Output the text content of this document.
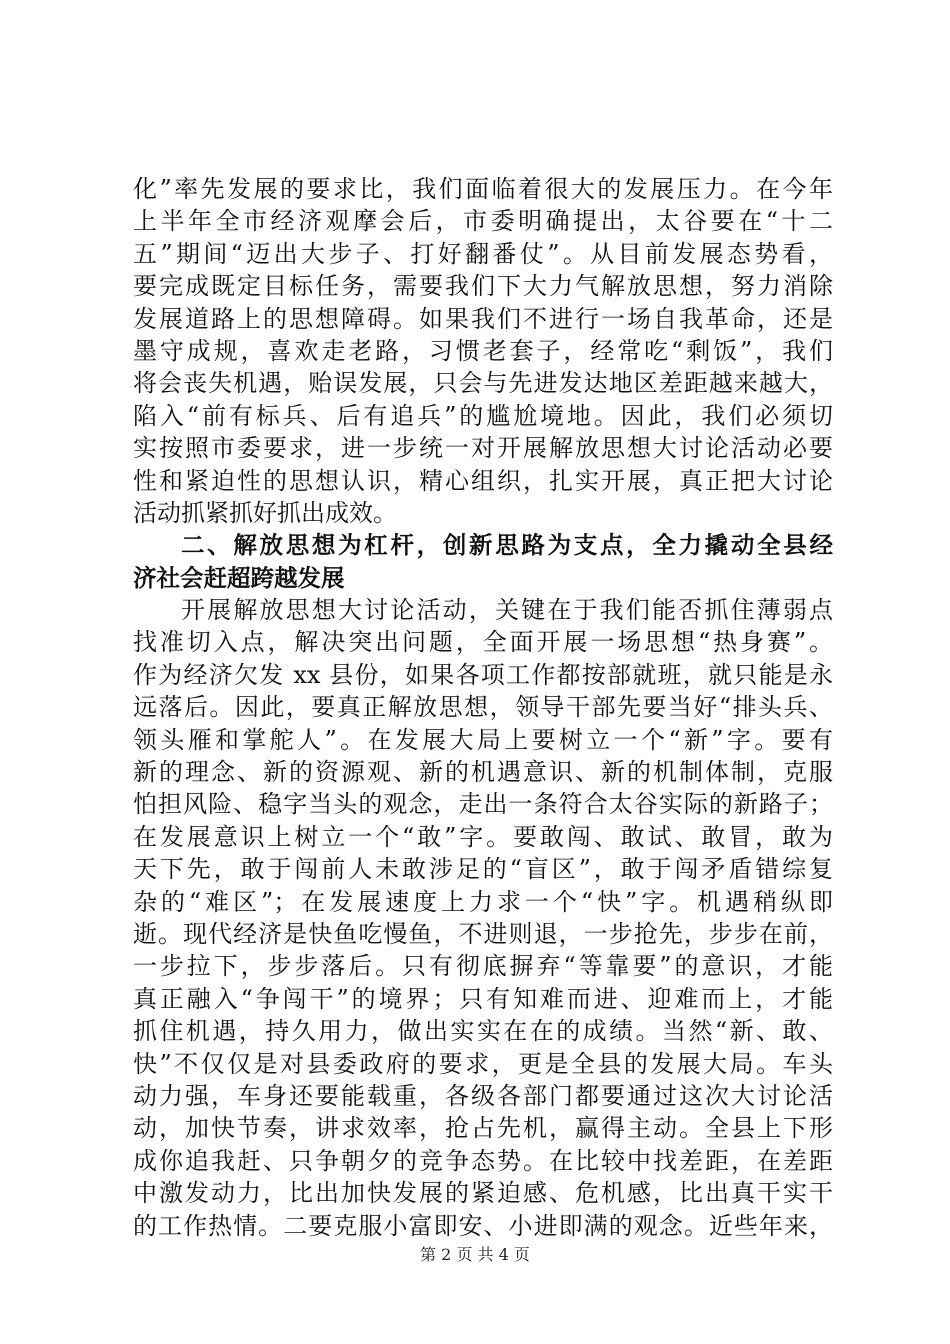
化”率先发展的要求比，我们面临着很大的发展压力。在今年
上半年全市经济观摩会后，市委明确提出，太谷要在“十二
五”期间“迈出大步子、打好翻番仗”。从目前发展态势看，
要完成既定目标任务，需要我们下大力气解放思想，努力消除
发展道路上的思想障碍。如果我们不进行一场自我革命，还是
墨守成规，喜欢走老路，习惯老套子，经常吃“剩饭”，我们
将会丧失机遇，贻误发展，只会与先进发达地区差距越来越大，
陷入“前有标兵、后有追兵”的尴尬境地。因此，我们必须切
实按照市委要求，进一步统一对开展解放思想大讨论活动必要
性和紧迫性的思想认识，精心组织，扎实开展，真正把大讨论
活动抓紧抓好抓出成效。
二、解放思想为杠杆，创新思路为支点，全力撬动全县经
济社会赶超跨越发展
开展解放思想大讨论活动，关键在于我们能否抓住薄弱点
找准切入点，解决突出问题，全面开展一场思想“热身赛”。
作为经济欠发 xx 县份，如果各项工作都按部就班，就只能是永
远落后。因此，要真正解放思想，领导干部先要当好“排头兵、
领头雁和掌舵人”。在发展大局上要树立一个“新”字。要有
新的理念、新的资源观、新的机遇意识、新的机制体制，克服
怕担风险、稳字当头的观念，走出一条符合太谷实际的新路子；
在发展意识上树立一个“敢”字。要敢闯、敢试、敢冒，敢为
天下先，敢于闯前人未敢涉足的“盲区”，敢于闯矛盾错综复
杂的“难区”；在发展速度上力求一个“快”字。机遇稍纵即
逝。现代经济是快鱼吃慢鱼，不进则退，一步抢先，步步在前，
一步拉下，步步落后。只有彻底摒弃“等靠要”的意识，才能
真正融入“争闯干”的境界；只有知难而进、迎难而上，才能
抓住机遇，持久用力，做出实实在在的成绩。当然“新、敢、
快”不仅仅是对县委政府的要求，更是全县的发展大局。车头
动力强，车身还要能载重，各级各部门都要通过这次大讨论活
动，加快节奏，讲求效率，抢占先机，赢得主动。全县上下形
成你追我赶、只争朝夕的竞争态势。在比较中找差距，在差距
中激发动力，比出加快发展的紧迫感、危机感，比出真干实干
的工作热情。二要克服小富即安、小进即满的观念。近些年来，
第 2 页 共 4 页
